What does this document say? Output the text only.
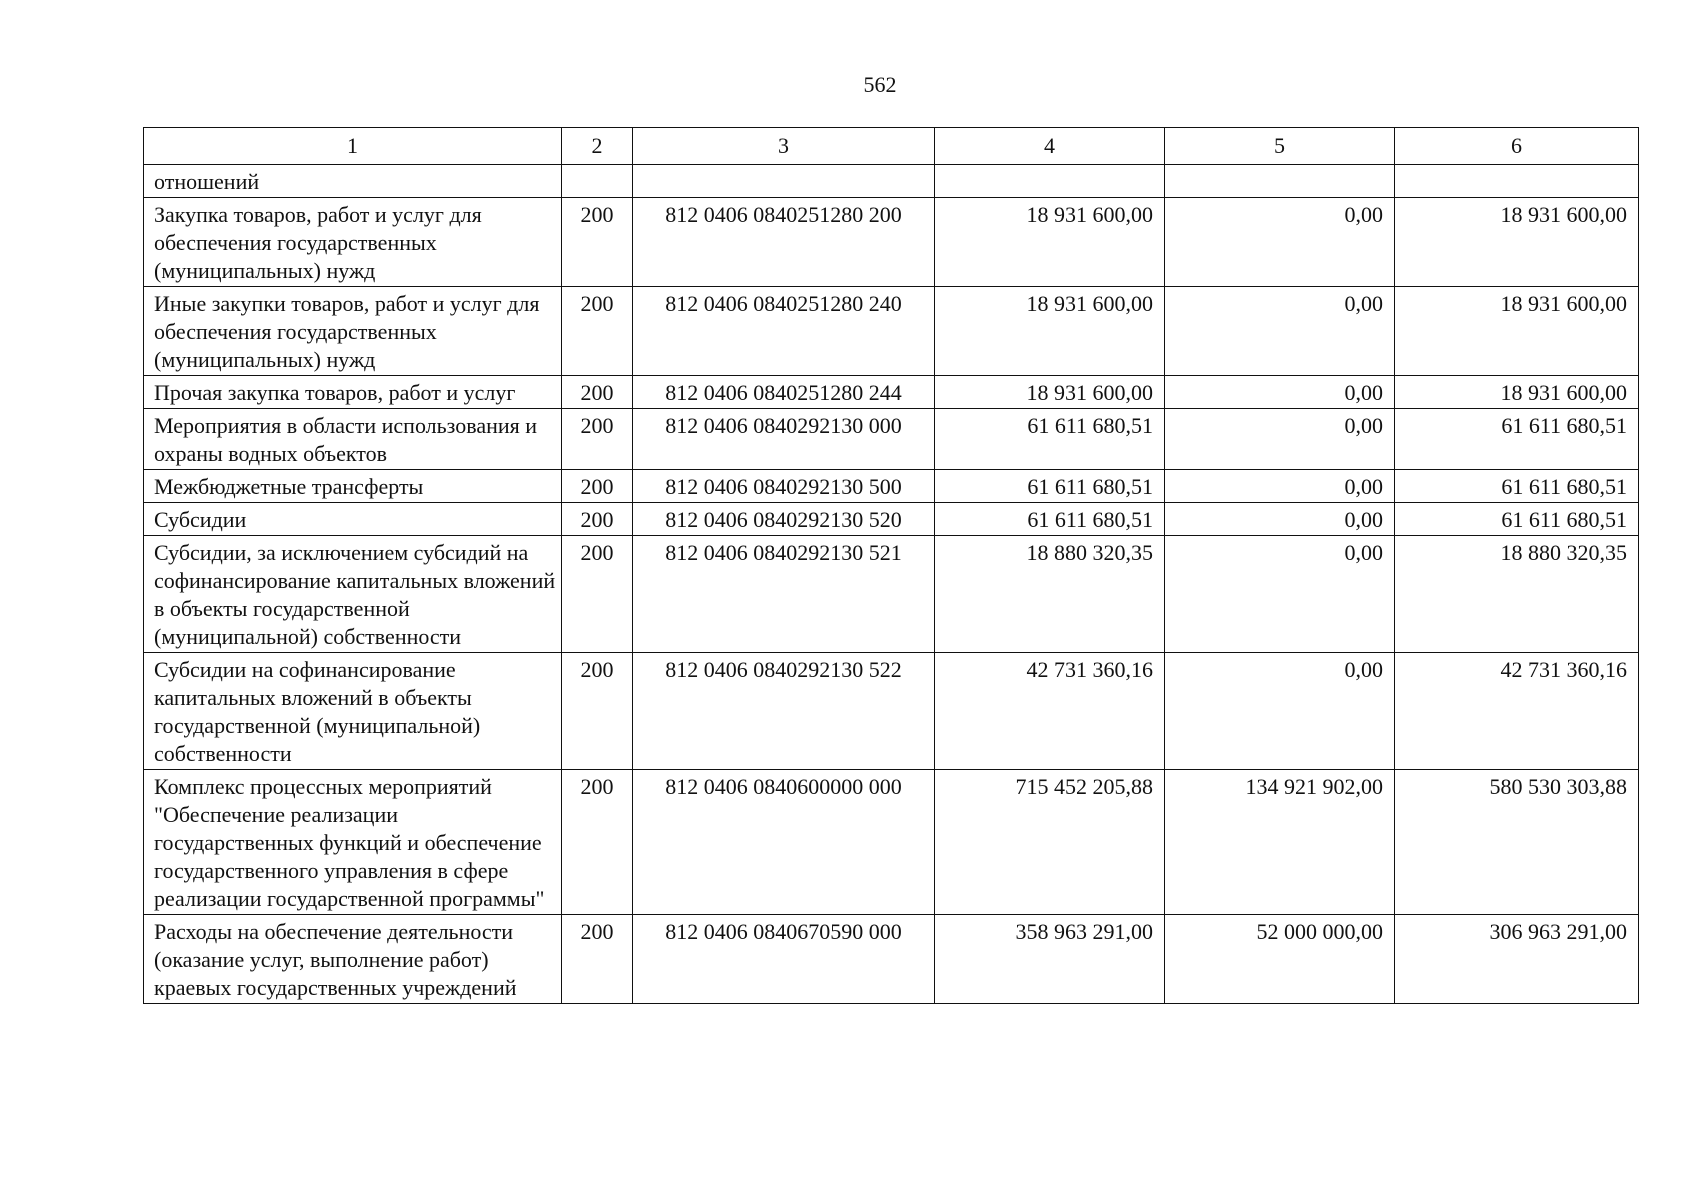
562
1	2	3	4	5	6
отношений					
Закупка товаров, работ и услуг для обеспечения государственных (муниципальных) нужд	200	812 0406 0840251280 200	18 931 600,00	0,00	18 931 600,00
Иные закупки товаров, работ и услуг для обеспечения государственных (муниципальных) нужд	200	812 0406 0840251280 240	18 931 600,00	0,00	18 931 600,00
Прочая закупка товаров, работ и услуг	200	812 0406 0840251280 244	18 931 600,00	0,00	18 931 600,00
Мероприятия в области использования и охраны водных объектов	200	812 0406 0840292130 000	61 611 680,51	0,00	61 611 680,51
Межбюджетные трансферты	200	812 0406 0840292130 500	61 611 680,51	0,00	61 611 680,51
Субсидии	200	812 0406 0840292130 520	61 611 680,51	0,00	61 611 680,51
Субсидии, за исключением субсидий на софинансирование капитальных вложений в объекты государственной (муниципальной) собственности	200	812 0406 0840292130 521	18 880 320,35	0,00	18 880 320,35
Субсидии на софинансирование капитальных вложений в объекты государственной (муниципальной) собственности	200	812 0406 0840292130 522	42 731 360,16	0,00	42 731 360,16
Комплекс процессных мероприятий "Обеспечение реализации государственных функций и обеспечение государственного управления в сфере реализации государственной программы"	200	812 0406 0840600000 000	715 452 205,88	134 921 902,00	580 530 303,88
Расходы на обеспечение деятельности (оказание услуг, выполнение работ) краевых государственных учреждений	200	812 0406 0840670590 000	358 963 291,00	52 000 000,00	306 963 291,00
